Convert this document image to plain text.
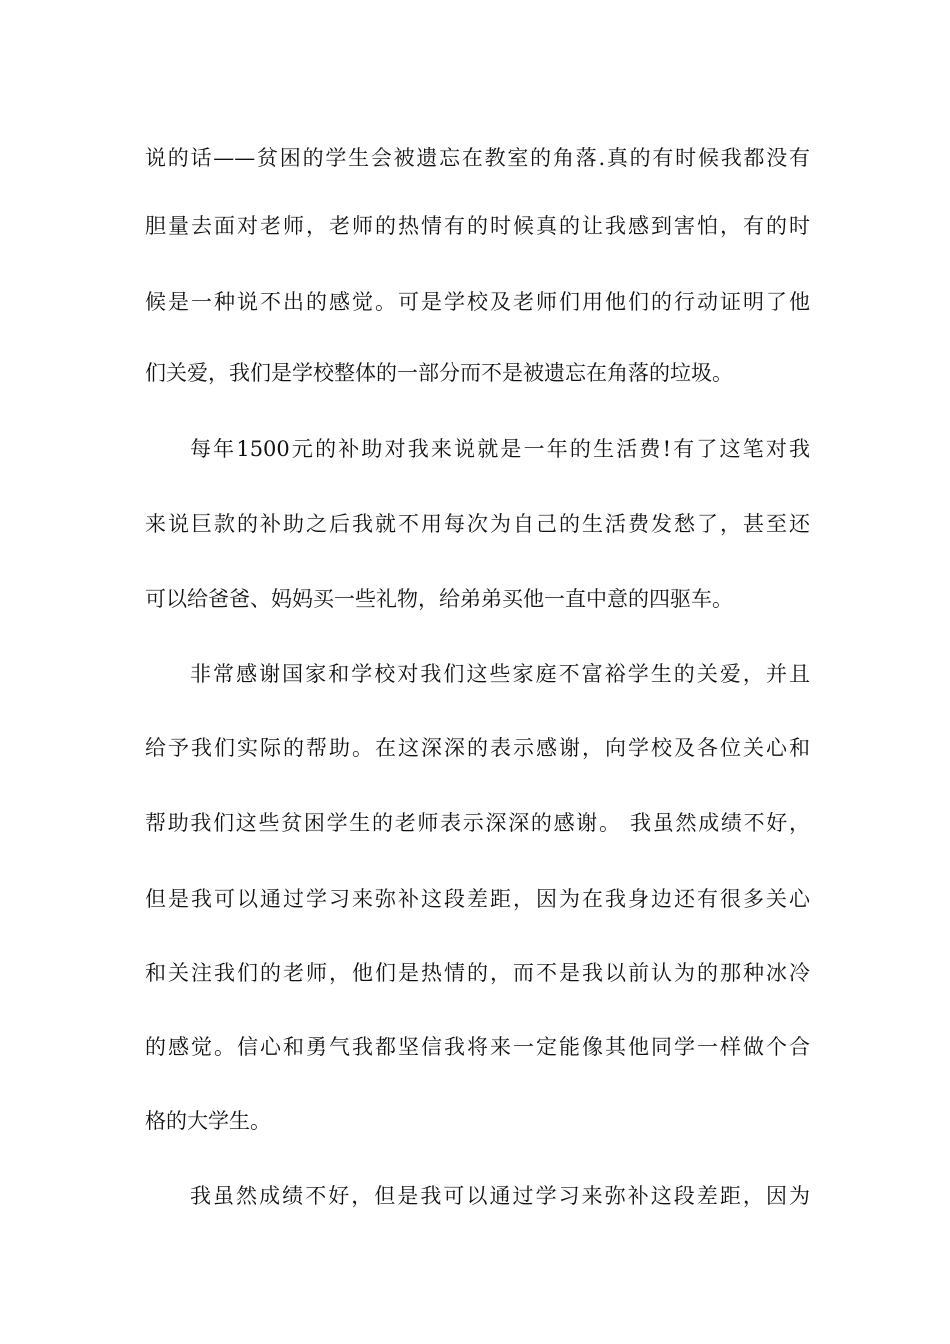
说的话——贫困的学生会被遗忘在教室的角落.真的有时候我都没有
胆量去面对老师，老师的热情有的时候真的让我感到害怕，有的时
候是一种说不出的感觉。可是学校及老师们用他们的行动证明了他
们关爱，我们是学校整体的一部分而不是被遗忘在角落的垃圾。
每年1500元的补助对我来说就是一年的生活费!有了这笔对我
来说巨款的补助之后我就不用每次为自己的生活费发愁了，甚至还
可以给爸爸、妈妈买一些礼物，给弟弟买他一直中意的四驱车。
非常感谢国家和学校对我们这些家庭不富裕学生的关爱，并且
给予我们实际的帮助。在这深深的表示感谢，向学校及各位关心和
帮助我们这些贫困学生的老师表示深深的感谢。 我虽然成绩不好，
但是我可以通过学习来弥补这段差距，因为在我身边还有很多关心
和关注我们的老师，他们是热情的，而不是我以前认为的那种冰冷
的感觉。信心和勇气我都坚信我将来一定能像其他同学一样做个合
格的大学生。
我虽然成绩不好，但是我可以通过学习来弥补这段差距，因为
